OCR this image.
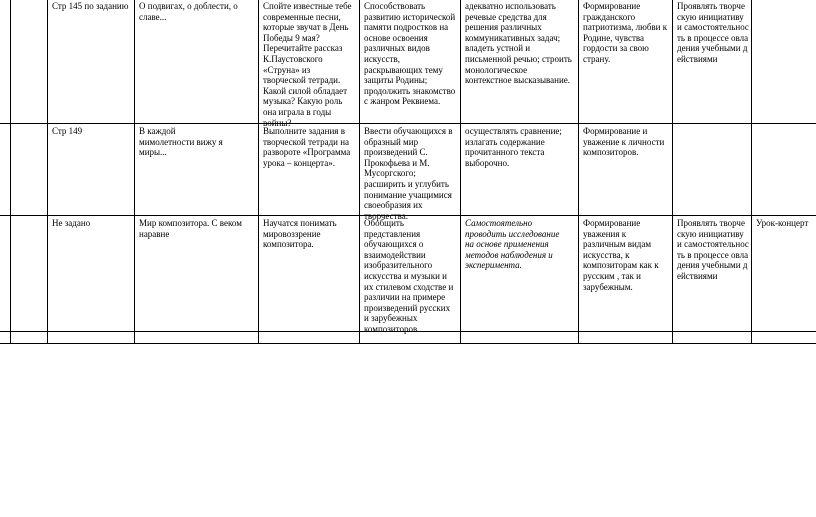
Стр 145 по заданию О подвигах, о доблести, о славе...
Спойте известные тебе современные песни, которые звучат в День Победы 9 мая? Перечитайте рассказ К.Паустовского «Струна» из творческой тетради. Какой силой обладает музыка? Какую роль она играла в годы войны?
Способствовать развитию исторической памяти подростков на основе освоения различных видов искусств, раскрывающих тему защиты Родины; продолжить знакомство с жанром Реквиема.
адекватно использовать речевые средства для решения различных коммуникативных задач; владеть устной и письменной речью; строить монологическое контекстное высказывание.
Формирование гражданского патриотизма, любви к Родине, чувства гордости за свою страну.
Проявлять творческую инициативу и самостоятельность в процессе овладения учебными действиями
Стр 149	В каждой мимолетности вижу я миры...
Выполните задания в творческой тетради на развороте «Программа урока – концерта».
Ввести обучающихся в образный мир произведений С. Прокофьева и М. Мусоргского; расширить и углубить понимание учащимися своеобразия их творчества.
осуществлять сравнение; излагать содержание прочитанного текста выборочно.
Формирование и уважение к личности композиторов.
Не задано	Мир композитора. С веком наравне
Научатся понимать мировоззрение композитора.
Обобщить представления обучающихся о взаимодействии изобразительного искусства и музыки и их стилевом сходстве и различии на примере произведений русских и зарубежных композиторов.
Самостоятельно проводить исследование на основе применения методов наблюдения и эксперимента.
Формирование уважения к различным видам искусства, к композиторам как к русским , так и зарубежным.
Проявлять творческую инициативу и самостоятельность в процессе овладения учебными действиями
Урок-концерт
